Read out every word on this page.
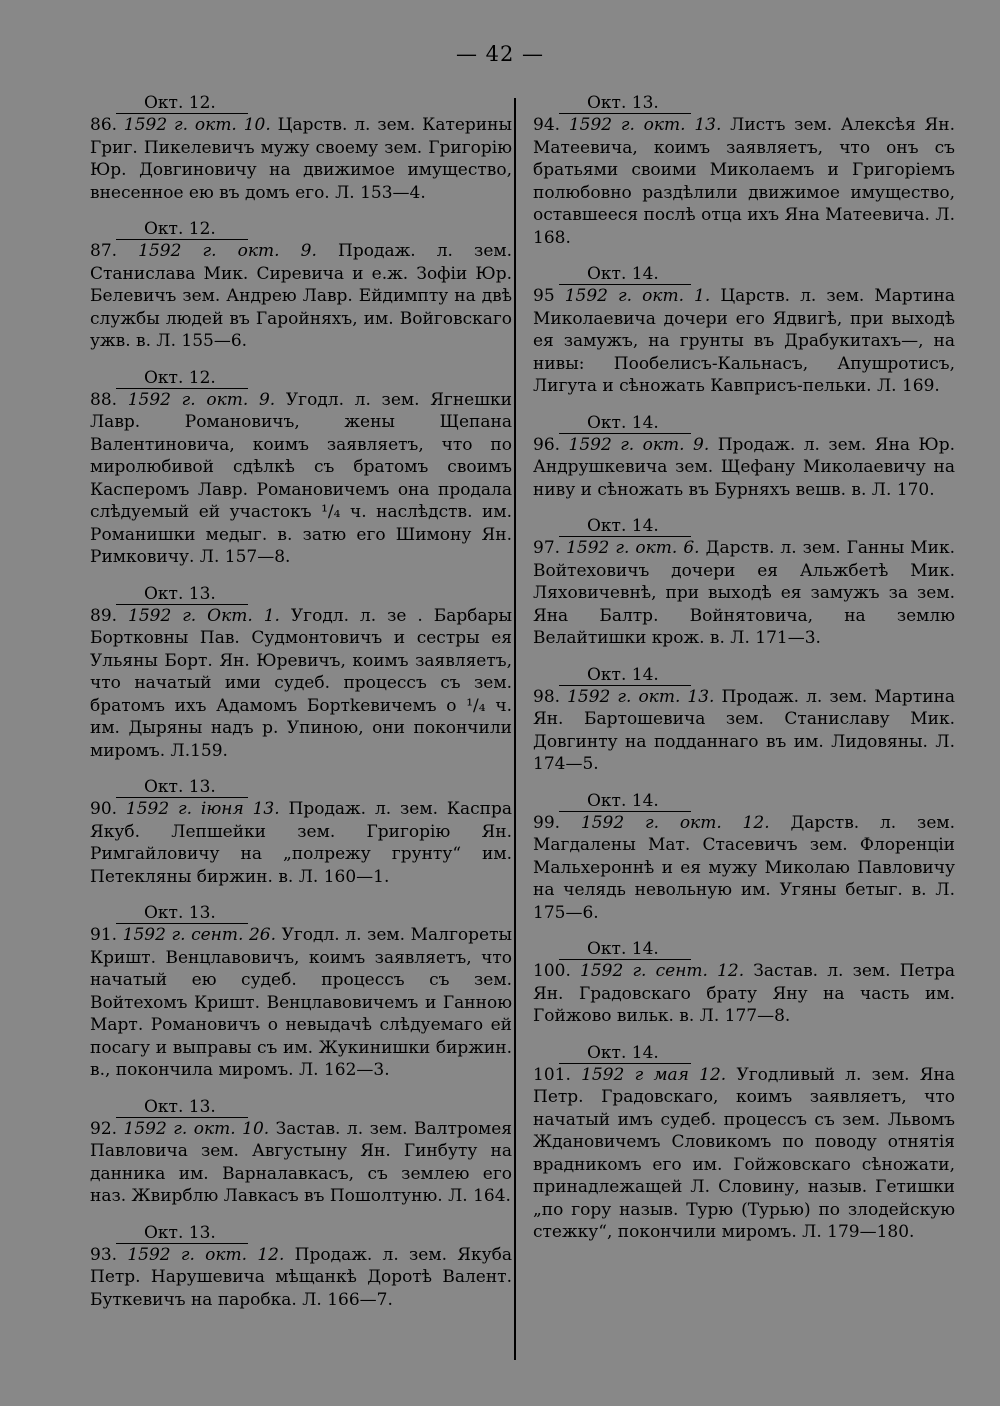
— 42 —
Окт. 12.
86. 1592 г. окт. 10. Царств. л. зем. Катерины Григ. Пикелевичъ мужу своему зем. Григорію Юр. Довгиновичу на движимое имущество, внесенное ею въ домъ его. Л. 153—4.
Окт. 12.
87. 1592 г. окт. 9. Продаж. л. зем. Станислава Мик. Сиревича и е.ж. Зофіи Юр. Белевичъ зем. Андрею Лавр. Ейдимпту на двѣ службы людей въ Гаройняхъ, им. Войговскаго ужв. в. Л. 155—6.
Окт. 12.
88. 1592 г. окт. 9. Угодл. л. зем. Ягнешки Лавр. Романовичъ, жены Щепана Валентиновича, коимъ заявляетъ, что по миролюбивой сдѣлкѣ съ братомъ своимъ Касперомъ Лавр. Романовичемъ она продала слѣдуемый ей участокъ ¹/₄ ч. наслѣдств. им. Романишки медыг. в. затю его Шимону Ян. Римковичу. Л. 157—8.
Окт. 13.
89. 1592 г. Окт. 1. Угодл. л. зе . Барбары Бортковны Пав. Судмонтовичъ и сестры ея Ульяны Борт. Ян. Юревичъ, коимъ заявляетъ, что начатый ими судеб. процессъ съ зем. братомъ ихъ Адамомъ Бортkевичемъ о ¹/₄ ч. им. Дыряны надъ р. Упиною, они покончили миромъ. Л.159.
Окт. 13.
90. 1592 г. іюня 13. Продаж. л. зем. Каспра Якуб. Лепшейки зем. Григорію Ян. Римгайловичу на „полрежу грунту“ им. Петекляны биржин. в. Л. 160—1.
Окт. 13.
91. 1592 г. сент. 26. Угодл. л. зем. Малгореты Кришт. Венцлавовичъ, коимъ заявляетъ, что начатый ею судеб. процессъ съ зем. Войтехомъ Кришт. Венцлавовичемъ и Ганною Март. Романовичъ о невыдачѣ слѣдуемаго ей посагу и выправы съ им. Жукинишки биржин. в., покончила миромъ. Л. 162—3.
Окт. 13.
92. 1592 г. окт. 10. Застав. л. зем. Валтромея Павловича зем. Августыну Ян. Гинбуту на данника им. Варналавкасъ, съ землею его наз. Жвирблю Лавкасъ въ Пошолтуню. Л. 164.
Окт. 13.
93. 1592 г. окт. 12. Продаж. л. зем. Якуба Петр. Нарушевича мѣщанкѣ Доротѣ Валент. Буткевичъ на паробка. Л. 166—7.
Окт. 13.
94. 1592 г. окт. 13. Листъ зем. Алексѣя Ян. Матеевича, коимъ заявляетъ, что онъ съ братьями своими Миколаемъ и Григоріемъ полюбовно раздѣлили движимое имущество, оставшееся послѣ отца ихъ Яна Матеевича. Л. 168.
Окт. 14.
95 1592 г. окт. 1. Царств. л. зем. Мартина Миколаевича дочери его Ядвигѣ, при выходѣ ея замужъ, на грунты въ Драбукитахъ—, на нивы: Пообелисъ-Кальнасъ, Апушротисъ, Лигута и сѣножать Кавприсъ-пельки. Л. 169.
Окт. 14.
96. 1592 г. окт. 9. Продаж. л. зем. Яна Юр. Андрушкевича зем. Щефану Миколаевичу на ниву и сѣножать въ Бурняхъ вешв. в. Л. 170.
Окт. 14.
97. 1592 г. окт. 6. Дарств. л. зем. Ганны Мик. Войтеховичъ дочери ея Альжбетѣ Мик. Ляховичевнѣ, при выходѣ ея замужъ за зем. Яна Балтр. Войнятовича, на землю Велайтишки крож. в. Л. 171—3.
Окт. 14.
98. 1592 г. окт. 13. Продаж. л. зем. Мартина Ян. Бартошевича зем. Станиславу Мик. Довгинту на подданнаго въ им. Лидовяны. Л. 174—5.
Окт. 14.
99. 1592 г. окт. 12. Дарств. л. зем. Магдалены Мат. Стасевичъ зем. Флоренціи Мальхероннѣ и ея мужу Миколаю Павловичу на челядь невольную им. Угяны бетыг. в. Л. 175—6.
Окт. 14.
100. 1592 г. сент. 12. Застав. л. зем. Петра Ян. Градовскаго брату Яну на часть им. Гойжово вильк. в. Л. 177—8.
Окт. 14.
101. 1592 г мая 12. Угодливый л. зем. Яна Петр. Градовскаго, коимъ заявляетъ, что начатый имъ судеб. процессъ съ зем. Львомъ Ждановичемъ Словикомъ по поводу отнятія врадникомъ его им. Гойжовскаго сѣножати, принадлежащей Л. Словину, назыв. Гетишки „по гору назыв. Турю (Турью) по злодейскую стежку“, покончили миромъ. Л. 179—180.
